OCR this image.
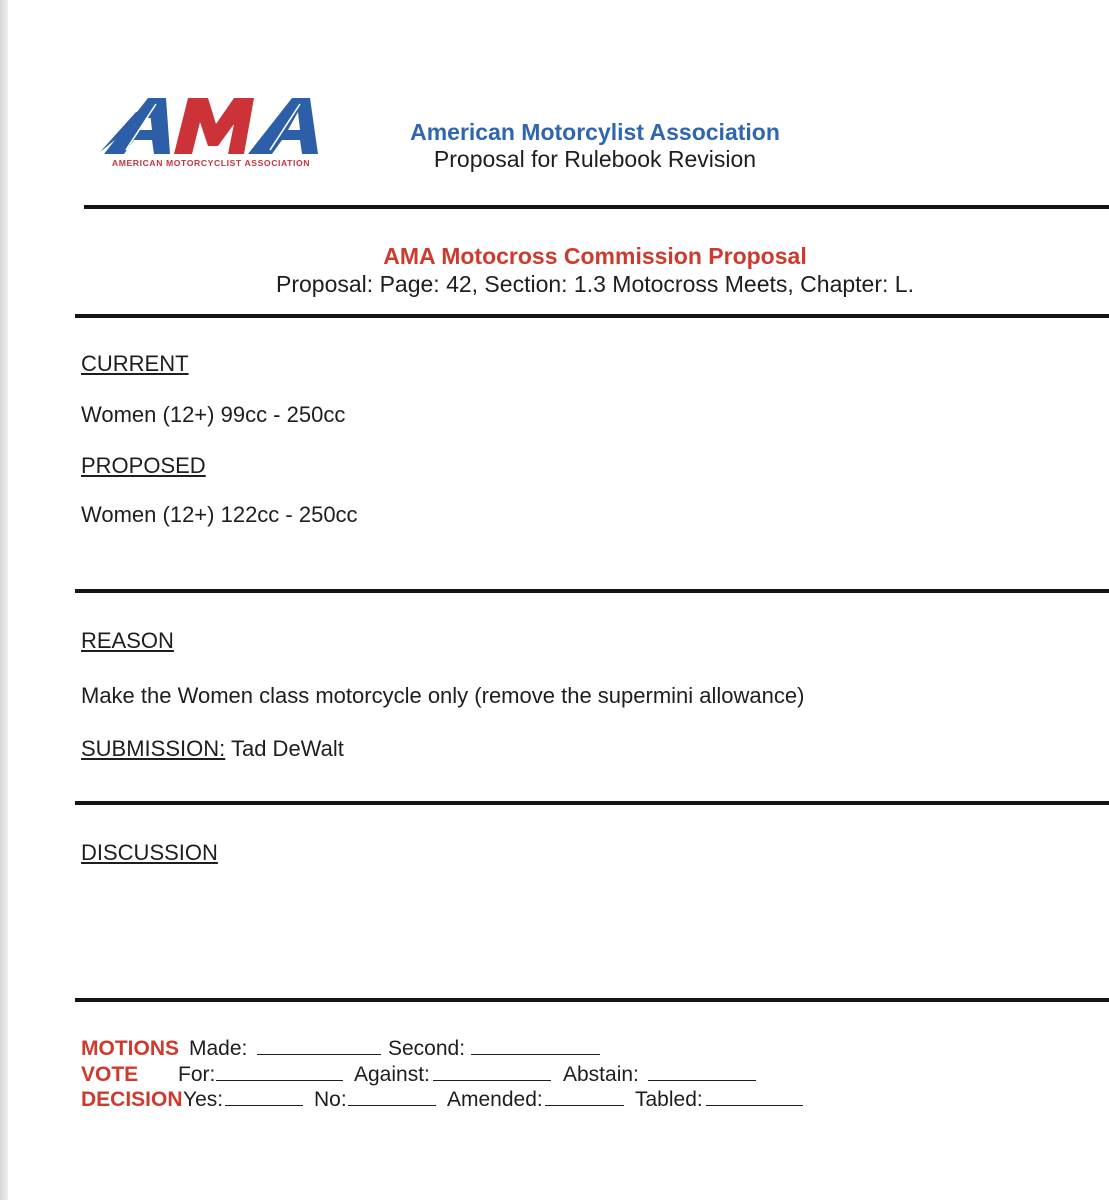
AMERICAN MOTORCYCLIST ASSOCIATION
American Motorcylist Association
Proposal for Rulebook Revision
AMA Motocross Commission Proposal
Proposal: Page: 42, Section: 1.3 Motocross Meets, Chapter: L.
CURRENT
Women (12+) 99cc - 250cc
PROPOSED
Women (12+) 122cc - 250cc
REASON
Make the Women class motorcycle only (remove the supermini allowance)
SUBMISSION: Tad DeWalt
DISCUSSION
MOTIONS Made:	Second:
VOTE For:	Against:	Abstain:
DECISION Yes:	No:	Amended:	Tabled:
